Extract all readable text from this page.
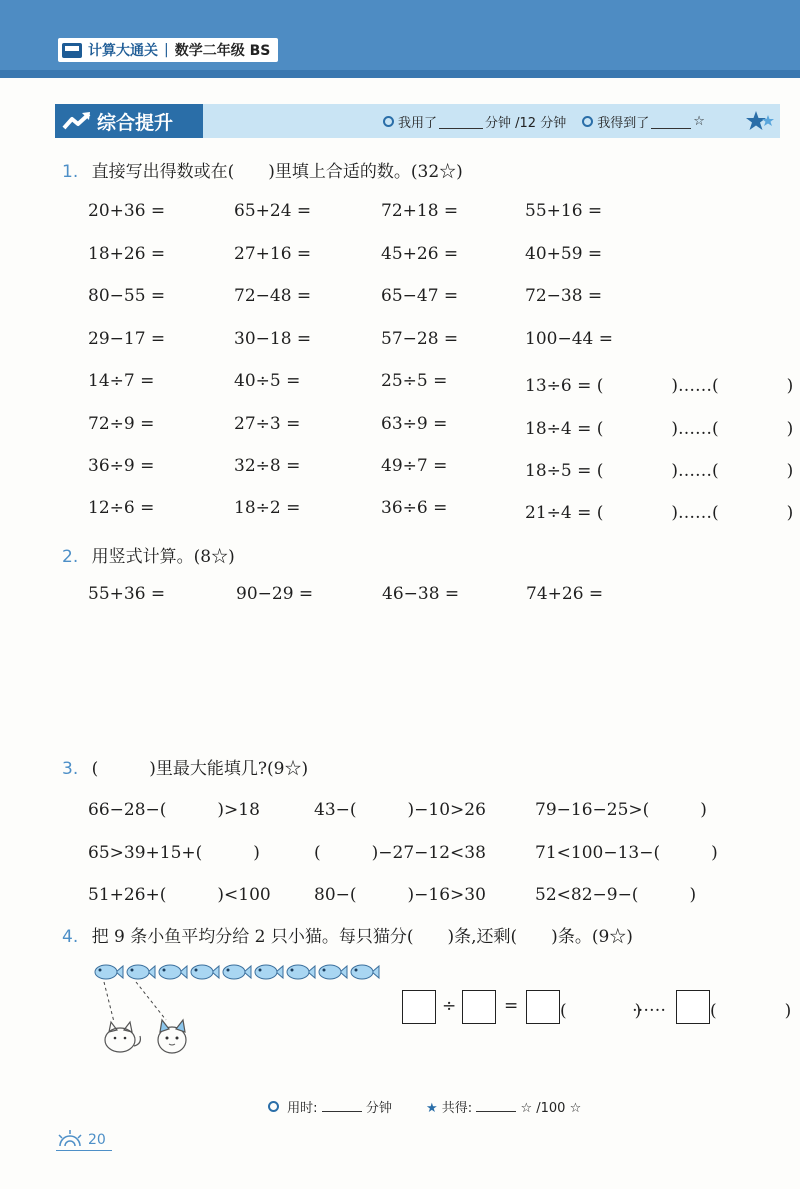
计算大通关 | 数学二年级 BS
综合提升	我用了	分钟 /12 分钟 我得到了	☆
1. 直接写出得数或在(　　)里填上合适的数。(32☆)
20+36 =	65+24 =	72+18 =	55+16 =
18+26 =	27+16 =	45+26 =	40+59 =
80−55 =	72−48 =	65−47 =	72−38 =
29−17 =	30−18 =	57−28 =	100−44 =
14÷7 =	40÷5 =	25÷5 =	13÷6 = (　　　　)……(　　　　)
72÷9 =	27÷3 =	63÷9 =	18÷4 = (　　　　)……(　　　　)
36÷9 =	32÷8 =	49÷7 =	18÷5 = (　　　　)……(　　　　)
12÷6 =	18÷2 =	36÷6 =	21÷4 = (　　　　)……(　　　　)
2. 用竖式计算。(8☆)
55+36 =	90−29 =	46−38 =	74+26 =
3. (　　　)里最大能填几?(9☆)
66−28−(　　　)>18	43−(　　　)−10>26	79−16−25>(　　　)
65>39+15+(　　　)	(　　　)−27−12<38	71<100−13−(　　　)
51+26+(　　　)<100	80−(　　　)−16>30	52<82−9−(　　　)
4. 把 9 条小鱼平均分给 2 只小猫。每只猫分(　　)条,还剩(　　)条。(9☆)
÷	= (　　　　)
……	(　　　　)
用时:	分钟	★ 共得:	☆ /100 ☆
20
